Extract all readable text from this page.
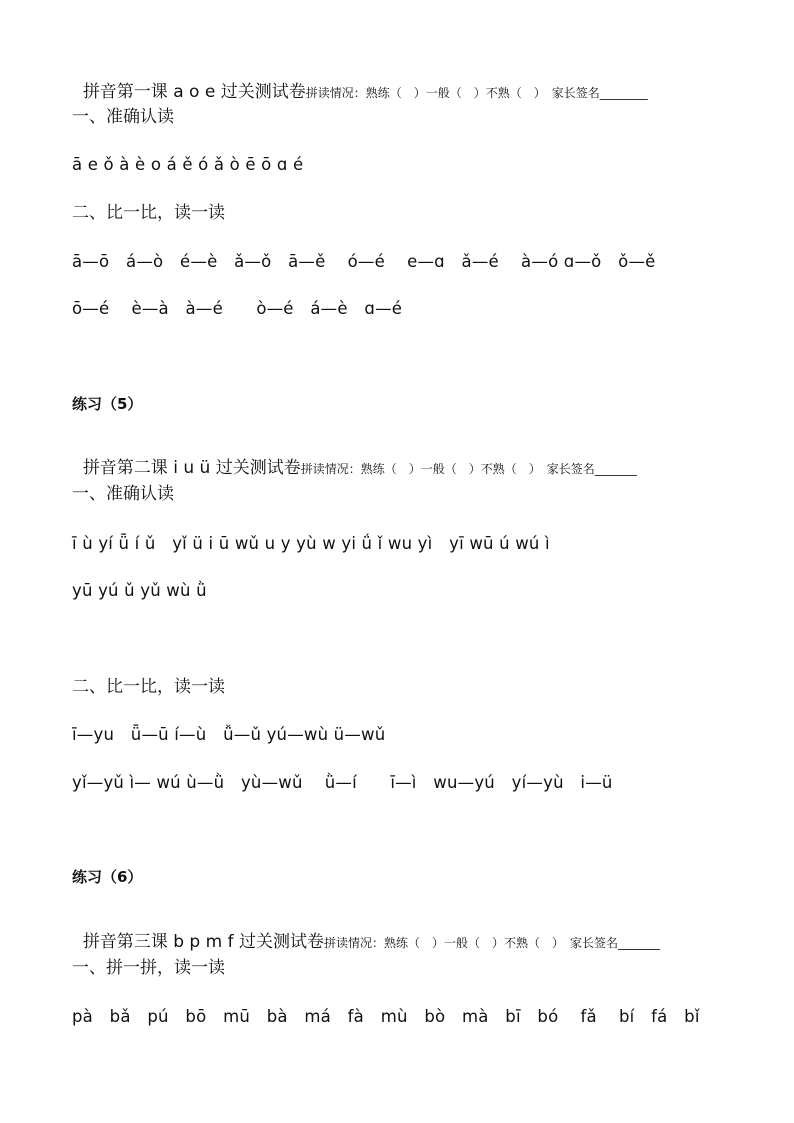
拼音第一课 a o e 过关测试卷拼读情况：熟练（　）一般（　）不熟（　）　家长签名________

一、准确认读
ā e ǒ à è o á ě ó ǎ ò ē ō ɑ é
二、比一比，读一读
ā—ō　á—ò　é—è　ǎ—ǒ　ā—ě　 ó—é　 e—ɑ　ǎ—é　 à—ó ɑ—ǒ　ǒ—ě
ō—é　 è—à　à—é　　ò—é　á—è　ɑ—é
练习（5）

拼音第二课 i u ü 过关测试卷拼读情况：熟练（　）一般（　）不熟（　）　家长签名_______

一、准确认读
ī ù yí ǖ í ǔ　yǐ ü i ū wǔ u y yù w yi ǘ ǐ wu yì　yī wū ú wú ì
yū yú ǔ yǔ wù ǜ
二、比一比，读一读
ī—yu　ǖ—ū í—ù　ǚ—ǔ yú—wù ü—wǔ
yǐ—yǔ ì— wú ù—ǜ　yù—wǔ　 ǜ—í　　ī—ì　wu—yú　yí—yù　i—ü
练习（6）

拼音第三课 b p m f 过关测试卷拼读情况：熟练（　）一般（　）不熟（　）　家长签名_______

一、拼一拼，读一读
pà　bǎ　pú　bō　mū　bà　má　fà　mù　bò　mà　bī　bó　 fǎ　 bí　fá　bǐ
